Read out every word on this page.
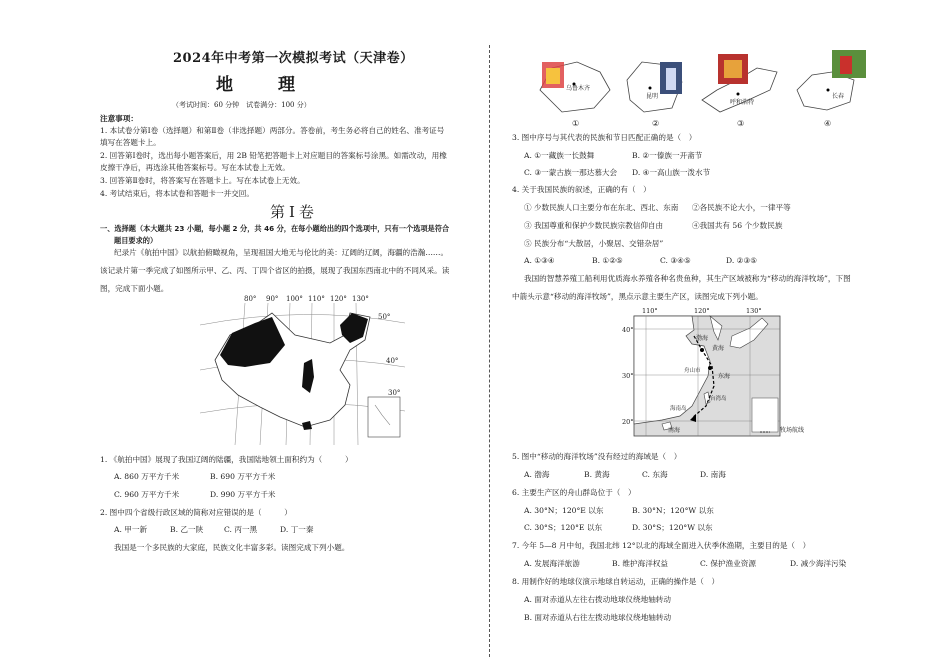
2024年中考第一次模拟考试（天津卷）
地　理
（考试时间：60 分钟　试卷满分：100 分）
注意事项：
1. 本试卷分第Ⅰ卷（选择题）和第Ⅱ卷（非选择题）两部分。答卷前，考生务必将自己的姓名、准考证号
填写在答题卡上。
2. 回答第Ⅰ卷时，选出每小题答案后，用 2B 铅笔把答题卡上对应题目的答案标号涂黑。如需改动，用橡
皮擦干净后，再选涂其他答案标号。写在本试卷上无效。
3. 回答第Ⅱ卷时，将答案写在答题卡上。写在本试卷上无效。
4. 考试结束后，将本试卷和答题卡一并交回。
第Ⅰ卷
一、选择题（本大题共 23 小题，每小题 2 分，共 46 分，在每小题给出的四个选项中，只有一个选项是符合
题目要求的）
纪录片《航拍中国》以航拍俯瞰视角，呈现祖国大地无与伦比的美：辽阔的辽阔，海疆的浩瀚……。
该记录片第一季完成了如图所示甲、乙、丙、丁四个省区的拍摄，展现了我国东西南北中的不同风采。读
图，完成下面小题。
80° 90° 100° 110° 120° 130°
50°
40°
30°
1. 《航拍中国》展现了我国辽阔的陆疆，我国陆地领土面积约为（　　　）
A. 860 万平方千米	B. 690 万平方千米
C. 960 万平方千米	D. 990 万平方千米
2. 图中四个省级行政区域的简称对应错误的是（　　　）
A. 甲一新	B. 乙一陕	C. 丙一黑	D. 丁一秦
我国是一个多民族的大家庭，民族文化丰富多彩。读图完成下列小题。
乌鲁木齐
昆明
呼和浩特
长春
①	②	③	④
3. 图中序号与其代表的民族和节日匹配正确的是（　）
A. ①一藏族一长鼓舞	B. ②一傣族一开斋节
C. ③一蒙古族一那达慕大会 D. ④一高山族一泼水节
4. 关于我国民族的叙述，正确的有（　）
① 少数民族人口主要分布在东北、西北、东南 ②各民族不论大小，一律平等
③ 我国尊重和保护少数民族宗教信仰自由	④我国共有 56 个少数民族
⑤ 民族分布“大散居，小聚居、交错杂居”
A. ①③④	B. ①②⑤	C. ③④⑤	D. ②③⑤
我国的智慧养殖工船利用优质海水养殖各种名贵鱼种，其生产区域被称为“移动的海洋牧场”，下图
中箭头示意“移动的海洋牧场”，黑点示意主要生产区，读图完成下列小题。
110°	120°	130°
40°
30°
20°
渤海
黄海
东海
舟山市
台湾岛
海南岛
南海	牧场航线
5. 图中“移动的海洋牧场”没有经过的海域是（　）
A. 渤海	B. 黄海	C. 东海	D. 南海
6. 主要生产区的舟山群岛位于（　）
A. 30°N；120°E 以东	B. 30°N；120°W 以东
C. 30°S；120°E 以东	D. 30°S；120°W 以东
7. 今年 5—8 月中旬，我国北纬 12°以北的海域全面进入伏季休渔期，主要目的是（　）
A. 发展海洋旅游	B. 维护海洋权益	C. 保护渔业资源	D. 减少海洋污染
8. 用制作好的地球仪演示地球自转运动，正确的操作是（　）
A. 面对赤道从左往右拨动地球仪绕地轴转动
B. 面对赤道从右往左拨动地球仪绕地轴转动
